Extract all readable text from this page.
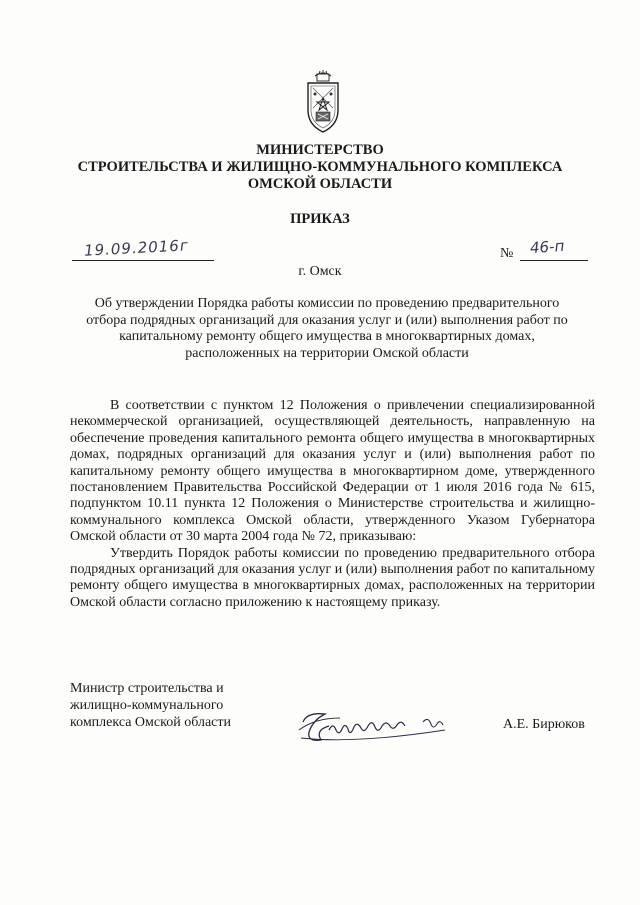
МИНИСТЕРСТВО
СТРОИТЕЛЬСТВА И ЖИЛИЩНО-КОММУНАЛЬНОГО КОМПЛЕКСА
ОМСКОЙ ОБЛАСТИ
ПРИКАЗ
19.09.2016г	№ 46-п
г. Омск
Об утверждении Порядка работы комиссии по проведению предварительного
отбора подрядных организаций для оказания услуг и (или) выполнения работ по
капитальному ремонту общего имущества в многоквартирных домах,
расположенных на территории Омской области

В соответствии с пунктом 12 Положения о привлечении специализированной некоммерческой организацией, осуществляющей деятельность, направленную на обеспечение проведения капитального ремонта общего имущества в многоквартирных домах, подрядных организаций для оказания услуг и (или) выполнения работ по капитальному ремонту общего имущества в многоквартирном доме, утвержденного постановлением Правительства Российской Федерации от 1 июля 2016 года № 615, подпунктом 10.11 пункта 12 Положения о Министерстве строительства и жилищно-коммунального комплекса Омской области, утвержденного Указом Губернатора Омской области от 30 марта 2004 года № 72, приказываю:

Утвердить Порядок работы комиссии по проведению предварительного отбора подрядных организаций для оказания услуг и (или) выполнения работ по капитальному ремонту общего имущества в многоквартирных домах, расположенных на территории Омской области согласно приложению к настоящему приказу.

Министр строительства и
жилищно-коммунального
комплекса Омской области	А.Е. Бирюков
